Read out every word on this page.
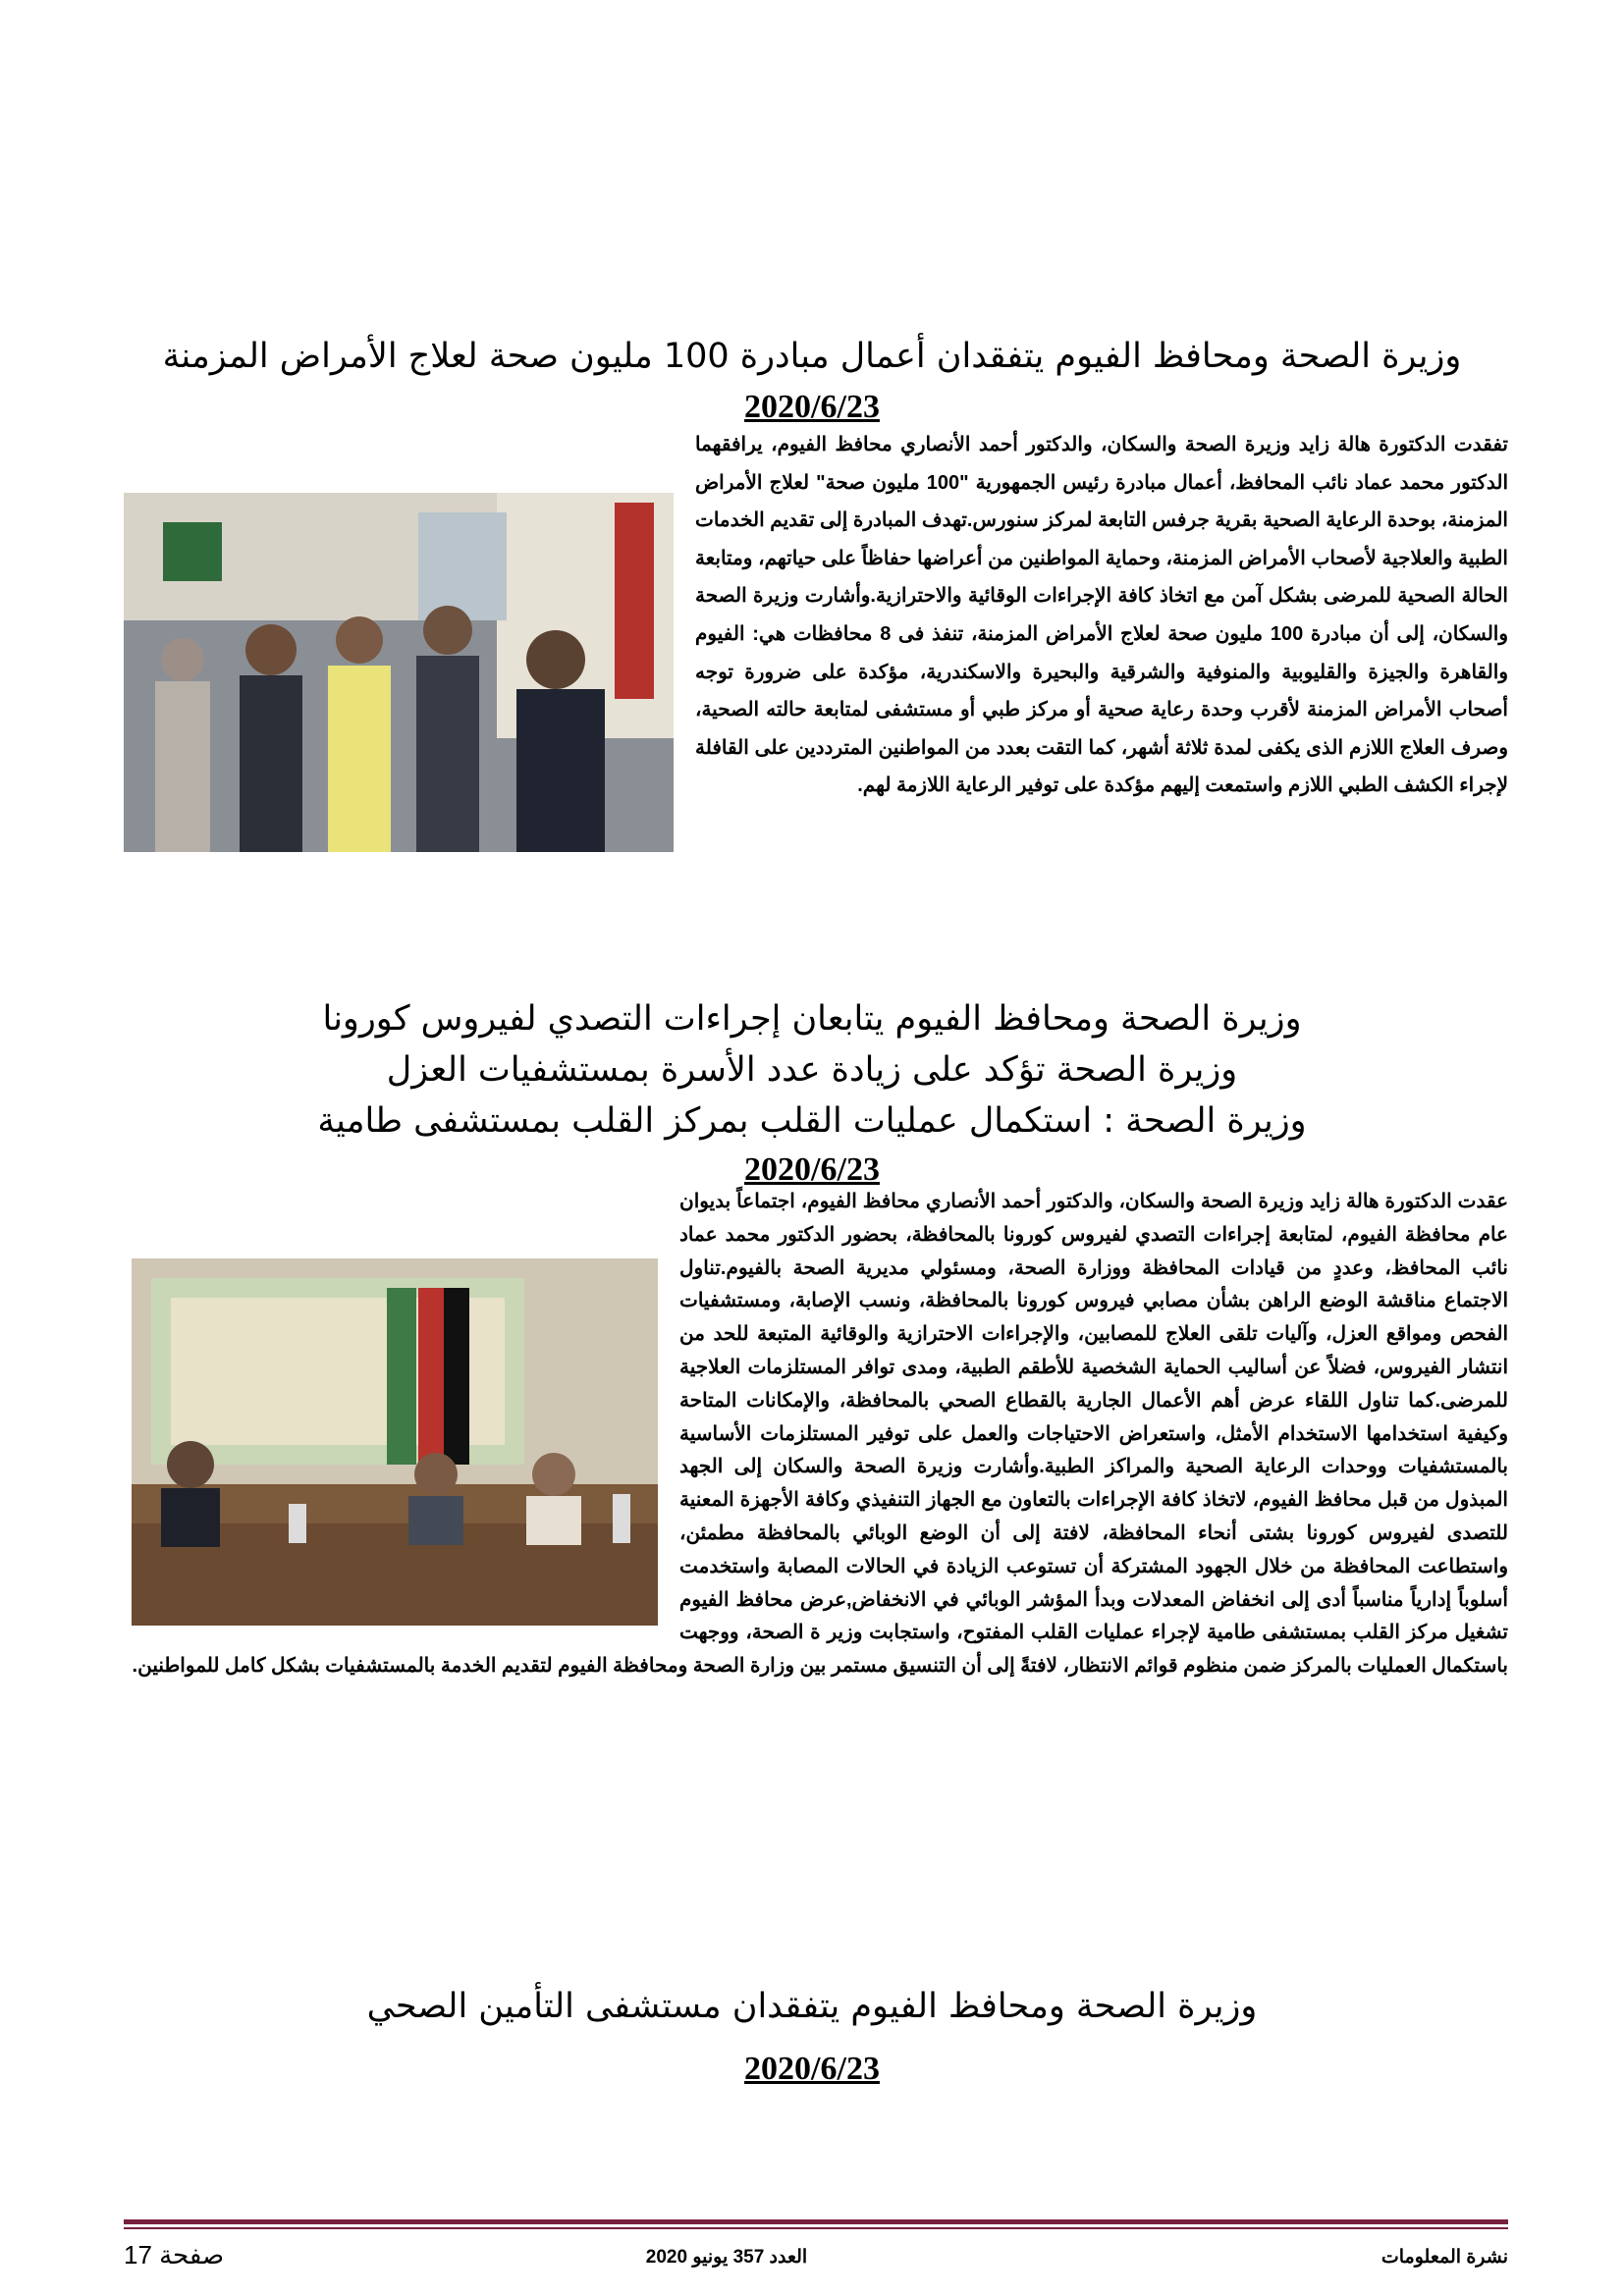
وزيرة الصحة ومحافظ الفيوم يتفقدان أعمال مبادرة 100 مليون صحة لعلاج الأمراض المزمنة
2020/6/23
تفقدت الدكتورة هالة زايد وزيرة الصحة والسكان، والدكتور أحمد الأنصاري محافظ الفيوم، يرافقهما الدكتور محمد عماد نائب المحافظ، أعمال مبادرة رئيس الجمهورية "100 مليون صحة" لعلاج الأمراض المزمنة، بوحدة الرعاية الصحية بقرية جرفس التابعة لمركز سنورس.تهدف المبادرة إلى تقديم الخدمات الطبية والعلاجية لأصحاب الأمراض المزمنة، وحماية المواطنين من أعراضها حفاظاً على حياتهم، ومتابعة الحالة الصحية للمرضى بشكل آمن مع اتخاذ كافة الإجراءات الوقائية والاحترازية.وأشارت وزيرة الصحة والسكان، إلى أن مبادرة 100 مليون صحة لعلاج الأمراض المزمنة، تنفذ فى 8 محافظات هي: الفيوم والقاهرة والجيزة والقليوبية والمنوفية والشرقية والبحيرة والاسكندرية، مؤكدة على ضرورة توجه أصحاب الأمراض المزمنة لأقرب وحدة رعاية صحية أو مركز طبي أو مستشفى لمتابعة حالته الصحية، وصرف العلاج اللازم الذى يكفى لمدة ثلاثة أشهر، كما التقت بعدد من المواطنين المترددين على القافلة لإجراء الكشف الطبي اللازم واستمعت إليهم مؤكدة على توفير الرعاية اللازمة لهم.
وزيرة الصحة ومحافظ الفيوم يتابعان إجراءات التصدي لفيروس كورونا
وزيرة الصحة تؤكد على زيادة عدد الأسرة بمستشفيات العزل
وزيرة الصحة : استكمال عمليات القلب بمركز القلب بمستشفى طامية
2020/6/23
عقدت الدكتورة هالة زايد وزيرة الصحة والسكان، والدكتور أحمد الأنصاري محافظ الفيوم، اجتماعاً بديوان عام محافظة الفيوم، لمتابعة إجراءات التصدي لفيروس كورونا بالمحافظة، بحضور الدكتور محمد عماد نائب المحافظ، وعددٍ من قيادات المحافظة ووزارة الصحة، ومسئولي مديرية الصحة بالفيوم.تناول الاجتماع مناقشة الوضع الراهن بشأن مصابي فيروس كورونا بالمحافظة، ونسب الإصابة، ومستشفيات الفحص ومواقع العزل، وآليات تلقى العلاج للمصابين، والإجراءات الاحترازية والوقائية المتبعة للحد من انتشار الفيروس، فضلاً عن أساليب الحماية الشخصية للأطقم الطبية، ومدى توافر المستلزمات العلاجية للمرضى.كما تناول اللقاء عرض أهم الأعمال الجارية بالقطاع الصحي بالمحافظة، والإمكانات المتاحة وكيفية استخدامها الاستخدام الأمثل، واستعراض الاحتياجات والعمل على توفير المستلزمات الأساسية بالمستشفيات ووحدات الرعاية الصحية والمراكز الطبية.وأشارت وزيرة الصحة والسكان إلى الجهد المبذول من قبل محافظ الفيوم، لاتخاذ كافة الإجراءات بالتعاون مع الجهاز التنفيذي وكافة الأجهزة المعنية للتصدى لفيروس كورونا بشتى أنحاء المحافظة، لافتة إلى أن الوضع الوبائي بالمحافظة مطمئن، واستطاعت المحافظة من خلال الجهود المشتركة أن تستوعب الزيادة في الحالات المصابة واستخدمت أسلوباً إدارياً مناسباً أدى إلى انخفاض المعدلات وبدأ المؤشر الوبائي في الانخفاض,عرض محافظ الفيوم تشغيل مركز القلب بمستشفى طامية لإجراء عمليات القلب المفتوح، واستجابت وزير ة الصحة، ووجهت باستكمال العمليات بالمركز ضمن منظوم قوائم الانتظار، لافتةً إلى أن التنسيق مستمر بين وزارة الصحة ومحافظة الفيوم لتقديم الخدمة بالمستشفيات بشكل كامل للمواطنين.
وزيرة الصحة ومحافظ الفيوم يتفقدان مستشفى التأمين الصحي
2020/6/23
صفحة 17	العدد 357 يونيو 2020	نشرة المعلومات
